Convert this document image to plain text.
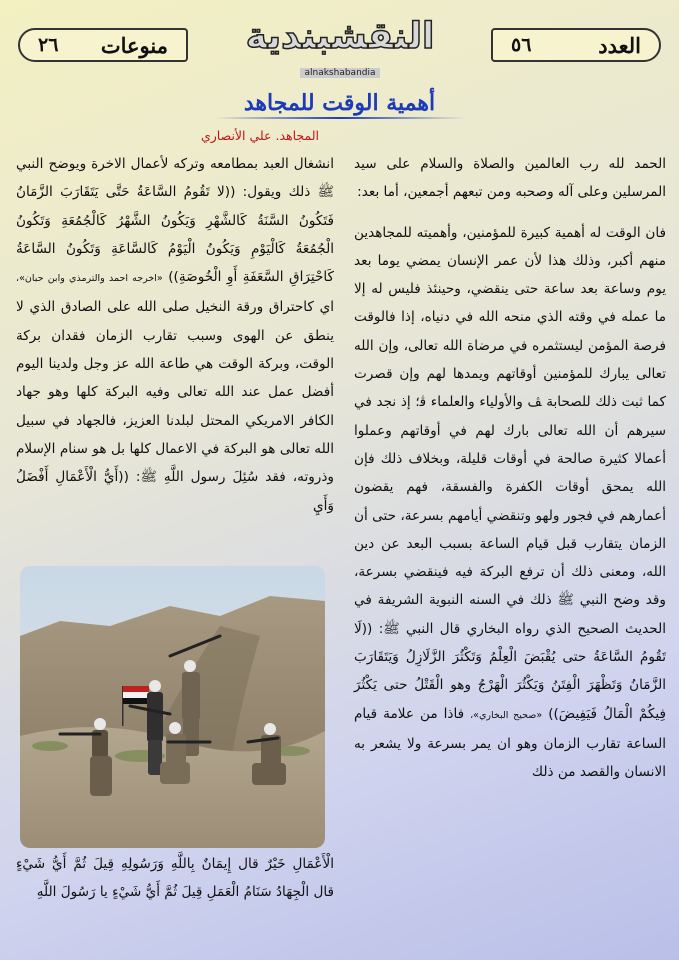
٢٦ منوعات	٥٦	العدد
النقشبندية
alnakshabandia
أهمية الوقت للمجاهد
المجاهد. علي الأنصاري

الحمد لله رب العالمين والصلاة والسلام على سيد المرسلين وعلى آله وصحبه ومن تبعهم أجمعين، أما بعد:

فان الوقت له أهمية كبيرة للمؤمنين، وأهميته للمجاهدين منهم أكبر، وذلك هذا لأن عمر الإنسان يمضي يوما بعد يوم وساعة بعد ساعة حتى ينقضي، وحينئذ فليس له إلا ما عمله في وقته الذي منحه الله في دنياه، إذا فالوقت فرصة المؤمن ليستثمره في مرضاة الله تعالى، وإن الله تعالى يبارك للمؤمنين أوقاتهم ويمدها لهم وإن قصرت كما ثبت ذلك للصحابة ﭫ والأولياء والعلماء ﭬ؛ إذ نجد في سيرهم أن الله تعالى بارك لهم في أوقاتهم وعملوا أعمالا كثيرة صالحة في أوقات قليلة، وبخلاف ذلك فإن الله يمحق أوقات الكفرة والفسقة، فهم يقضون أعمارهم في فجور ولهو وتنقضي أيامهم بسرعة، حتى أن الزمان يتقارب قبل قيام الساعة بسبب البعد عن دين الله، ومعنى ذلك أن ترفع البركة فيه فينقضي بسرعة، وقد وضح النبي ﷺ ذلك في السنه النبوية الشريفة في الحديث الصحيح الذي رواه البخاري قال النبي ﷺ: ((لَا تَقُومُ السَّاعَةُ حتى يُقْبَضَ الْعِلْمُ وَتَكْثُرَ الزَّلَازِلُ وَيَتَقَارَبَ الزَّمَانُ وَتَظْهَرَ الْفِتَنُ وَيَكْثُرَ الْهَرْجُ وهو الْقَتْلُ حتى يَكْثُرَ فِيكُمْ الْمَالُ فَيَفِيضَ)) «صحيح البخاري»، فاذا من علامة قيام الساعة تقارب الزمان وهو ان يمر بسرعة ولا يشعر به الانسان والقصد من ذلك

انشغال العبد بمطامعه وتركه لأعمال الاخرة ويوضح النبي ﷺ ذلك ويقول: ((لا تَقُومُ السَّاعَةُ حَتَّى يَتَقَارَبَ الزَّمَانُ فَتَكُونُ السَّنَةُ كَالشَّهْرِ وَيَكُونُ الشَّهْرُ كَالْجُمُعَةِ وَتَكُونُ الْجُمُعَةُ كَالْيَوْمِ وَيَكُونُ الْيَوْمُ كَالسَّاعَةِ وَتَكُونُ السَّاعَةُ كَاحْتِرَاقِ السَّعَفَةِ أَوِ الْخُوصَةِ)) «اخرجه احمد والترمذي وابن حبان»، اي كاحتراق ورقة النخيل صلى الله على الصادق الذي لا ينطق عن الهوى وسبب تقارب الزمان فقدان بركة الوقت، وبركة الوقت هي طاعة الله عز وجل ولدينا اليوم أفضل عمل عند الله تعالى وفيه البركة كلها وهو جهاد الكافر الامريكي المحتل لبلدنا العزيز، فالجهاد في سبيل الله تعالى هو البركة في الاعمال كلها بل هو سنام الإسلام وذروته، فقد سُئِلَ رسول اللَّهِ ﷺ: ((أَيُّ الْأَعْمَالِ أَفْضَلُ وَأَيِ

الْأَعْمَالِ خَيْرٌ قال إِيمَانٌ بِاللَّهِ وَرَسُولِهِ قِيلَ ثُمَّ أَيُّ شَيْءٍ قال الْجِهَادُ سَنَامُ الْعَمَلِ قِيلَ ثُمَّ أَيُّ شَيْءٍ يا رَسُولَ اللَّهِ
